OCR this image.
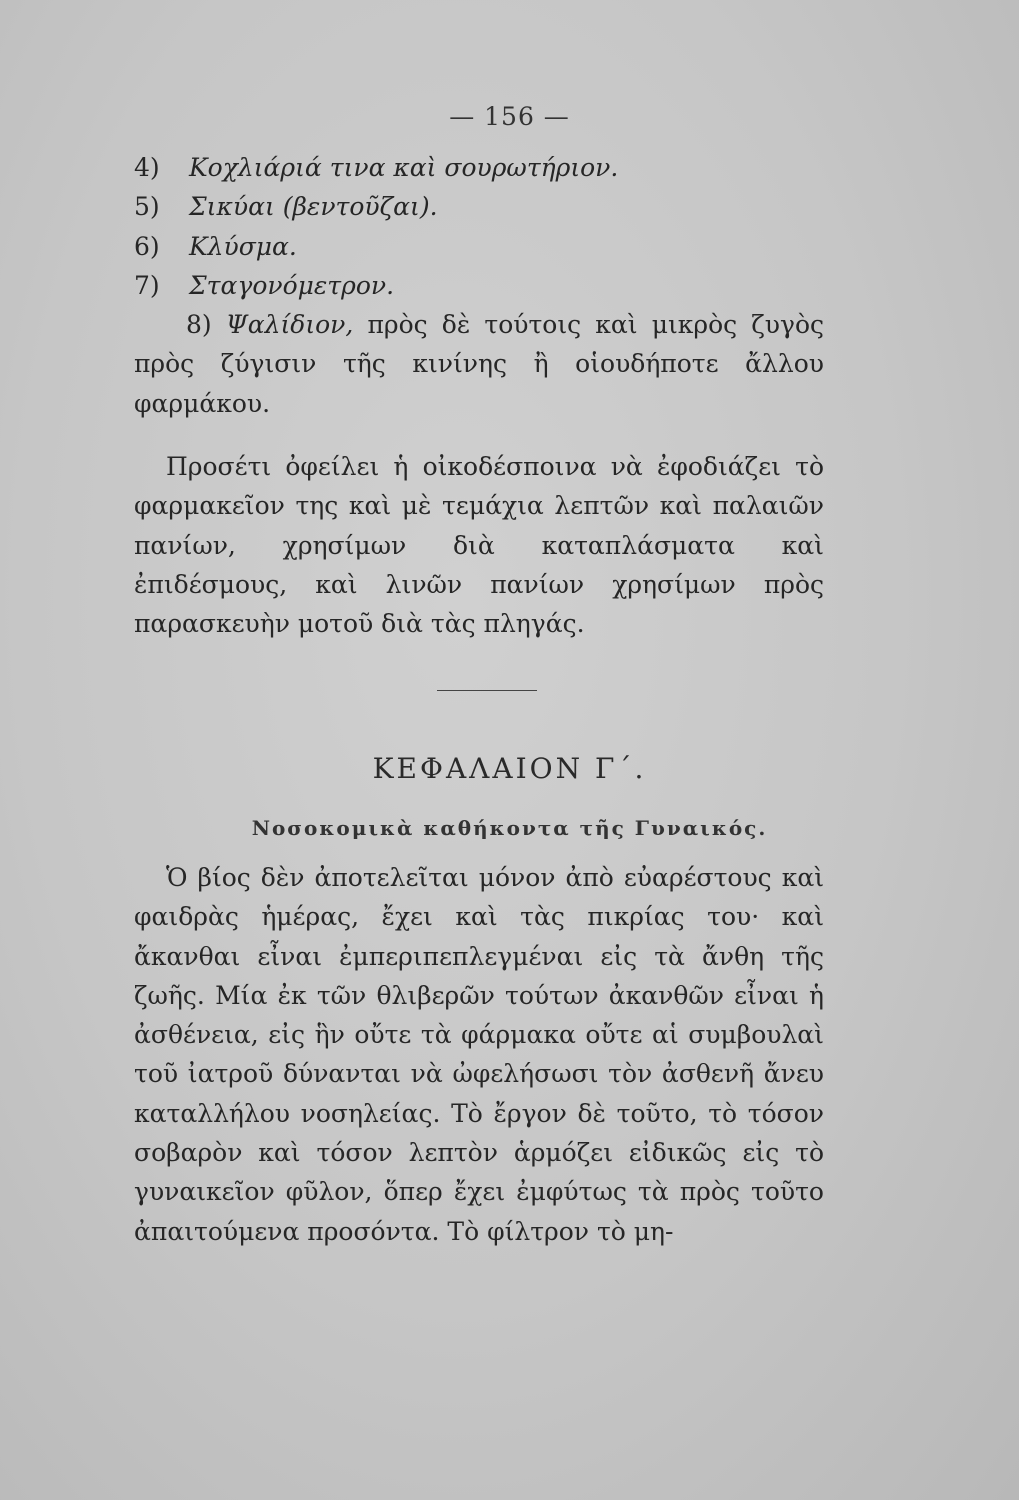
— 156 —
4) Κοχλιάριά τινα καὶ σουρωτήριον.
5) Σικύαι (βεντοῦζαι).
6) Κλύσμα.
7) Σταγονόμετρον.
8) Ψαλίδιον, πρὸς δὲ τούτοις καὶ μικρὸς ζυγὸς πρὸς ζύγισιν τῆς κινίνης ἢ οἱουδήποτε ἄλλου φαρμάκου.
Προσέτι ὀφείλει ἡ οἰκοδέσποινα νὰ ἐφοδιάζει τὸ φαρμακεῖον της καὶ μὲ τεμάχια λεπτῶν καὶ παλαιῶν πανίων, χρησίμων διὰ καταπλάσματα καὶ ἐπιδέσμους, καὶ λινῶν πανίων χρησίμων πρὸς παρασκευὴν μοτοῦ διὰ τὰς πληγάς.
ΚΕΦΑΛΑΙΟΝ Γ΄.
Νοσοκομικὰ καθήκοντα τῆς Γυναικός.
Ὁ βίος δὲν ἀποτελεῖται μόνον ἀπὸ εὐαρέστους καὶ φαιδρὰς ἡμέρας, ἔχει καὶ τὰς πικρίας του· καὶ ἄκανθαι εἶναι ἐμπεριπεπλεγμέναι εἰς τὰ ἄνθη τῆς ζωῆς. Μία ἐκ τῶν θλιβερῶν τούτων ἀκανθῶν εἶναι ἡ ἀσθένεια, εἰς ἣν οὔτε τὰ φάρμακα οὔτε αἱ συμβουλαὶ τοῦ ἰατροῦ δύνανται νὰ ὠφελήσωσι τὸν ἀσθενῆ ἄνευ καταλλήλου νοσηλείας. Τὸ ἔργον δὲ τοῦτο, τὸ τόσον σοβαρὸν καὶ τόσον λεπτὸν ἁρμόζει εἰδικῶς εἰς τὸ γυναικεῖον φῦλον, ὅπερ ἔχει ἐμφύτως τὰ πρὸς τοῦτο ἀπαιτούμενα προσόντα. Τὸ φίλτρον τὸ μη-
